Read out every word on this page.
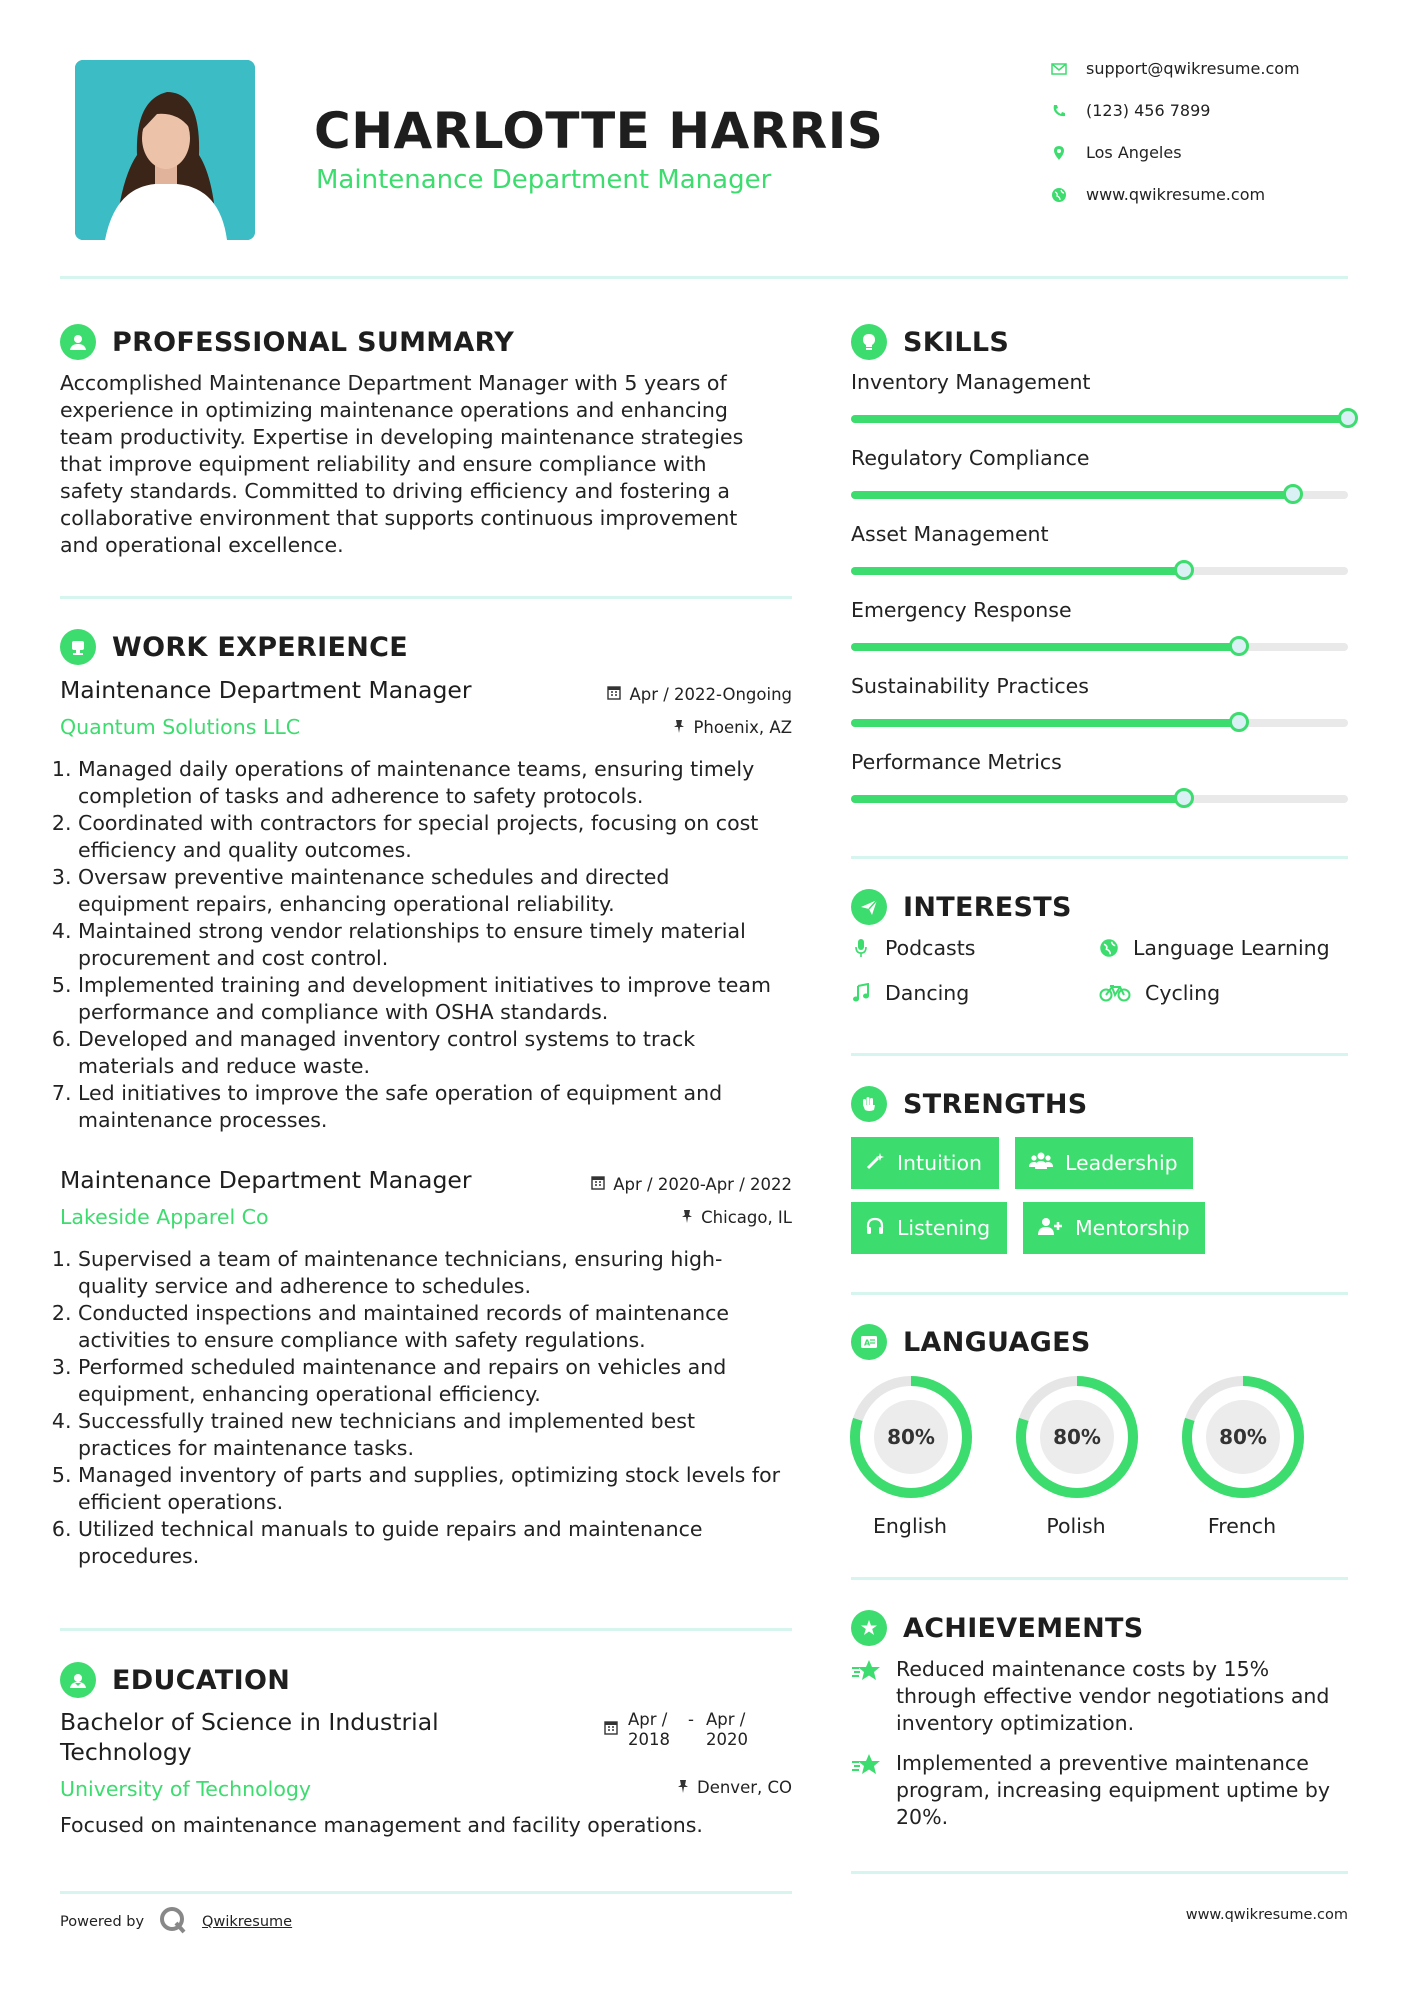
CHARLOTTE HARRIS
Maintenance Department Manager
support@qwikresume.com
(123) 456 7899
Los Angeles
www.qwikresume.com
PROFESSIONAL SUMMARY
Accomplished Maintenance Department Manager with 5 years of
experience in optimizing maintenance operations and enhancing
team productivity. Expertise in developing maintenance strategies
that improve equipment reliability and ensure compliance with
safety standards. Committed to driving efficiency and fostering a
collaborative environment that supports continuous improvement
and operational excellence.
WORK EXPERIENCE
Maintenance Department Manager	Apr / 2022-Ongoing
Quantum Solutions LLC	Phoenix, AZ
1. Managed daily operations of maintenance teams, ensuring timely
completion of tasks and adherence to safety protocols.
2. Coordinated with contractors for special projects, focusing on cost
efficiency and quality outcomes.
3. Oversaw preventive maintenance schedules and directed
equipment repairs, enhancing operational reliability.
4. Maintained strong vendor relationships to ensure timely material
procurement and cost control.
5. Implemented training and development initiatives to improve team
performance and compliance with OSHA standards.
6. Developed and managed inventory control systems to track
materials and reduce waste.
7. Led initiatives to improve the safe operation of equipment and
maintenance processes.
Maintenance Department Manager	Apr / 2020-Apr / 2022
Lakeside Apparel Co	Chicago, IL
1. Supervised a team of maintenance technicians, ensuring high-
quality service and adherence to schedules.
2. Conducted inspections and maintained records of maintenance
activities to ensure compliance with safety regulations.
3. Performed scheduled maintenance and repairs on vehicles and
equipment, enhancing operational efficiency.
4. Successfully trained new technicians and implemented best
practices for maintenance tasks.
5. Managed inventory of parts and supplies, optimizing stock levels for
efficient operations.
6. Utilized technical manuals to guide repairs and maintenance
procedures.
EDUCATION
Bachelor of Science in Industrial
Technology
Apr /
2018
- Apr /
2020
University of Technology	Denver, CO
Focused on maintenance management and facility operations.
SKILLS
Inventory Management
Regulatory Compliance
Asset Management
Emergency Response
Sustainability Practices
Performance Metrics
INTERESTS
Podcasts	Language Learning
Dancing	Cycling
STRENGTHS
Intuition	Leadership
Listening	Mentorship
A LANGUAGES
80%
English
80%
Polish
80%
French
ACHIEVEMENTS
Reduced maintenance costs by 15%
through effective vendor negotiations and
inventory optimization.
Implemented a preventive maintenance
program, increasing equipment uptime by
20%.
Powered by	Qwikresume	www.qwikresume.com
